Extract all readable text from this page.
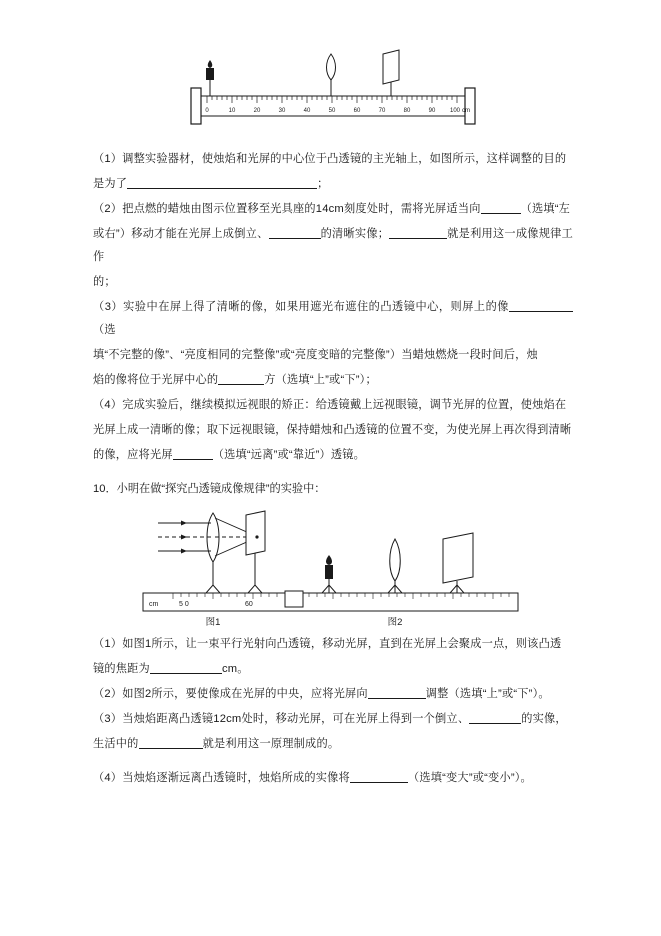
0	10	20	30	40	50	60	70	80	90 100 cm

（1）调整实验器材，使烛焰和光屏的中心位于凸透镜的主光轴上，如图所示，这样调整的目的

是为了	；

（2）把点燃的蜡烛由图示位置移至光具座的14cm刻度处时，需将光屏适当向	（选填“左

或右”）移动才能在光屏上成倒立、	的清晰实像；	就是利用这一成像规律工作

的；

（3）实验中在屏上得了清晰的像，如果用遮光布遮住的凸透镜中心，则屏上的像（选

填“不完整的像”、“亮度相同的完整像”或“亮度变暗的完整像”）当蜡烛燃烧一段时间后，烛

焰的像将位于光屏中心的	方（选填“上”或“下”）；

（4）完成实验后，继续模拟远视眼的矫正：给透镜戴上远视眼镜，调节光屏的位置，使烛焰在

光屏上成一清晰的像；取下远视眼镜，保持蜡烛和凸透镜的位置不变，为使光屏上再次得到清晰

的像，应将光屏	（选填“远离”或“靠近”）透镜。

10．小明在做“探究凸透镜成像规律”的实验中：

cm	5 0	60
图1	图2

（1）如图1所示，让一束平行光射向凸透镜，移动光屏，直到在光屏上会聚成一点，则该凸透

镜的焦距为	cm。

（2）如图2所示，要使像成在光屏的中央，应将光屏向	调整（选填“上”或“下”）。

（3）当烛焰距离凸透镜12cm处时，移动光屏，可在光屏上得到一个倒立、	的实像，

生活中的	就是利用这一原理制成的。

（4）当烛焰逐渐远离凸透镜时，烛焰所成的实像将	（选填“变大”或“变小”）。
